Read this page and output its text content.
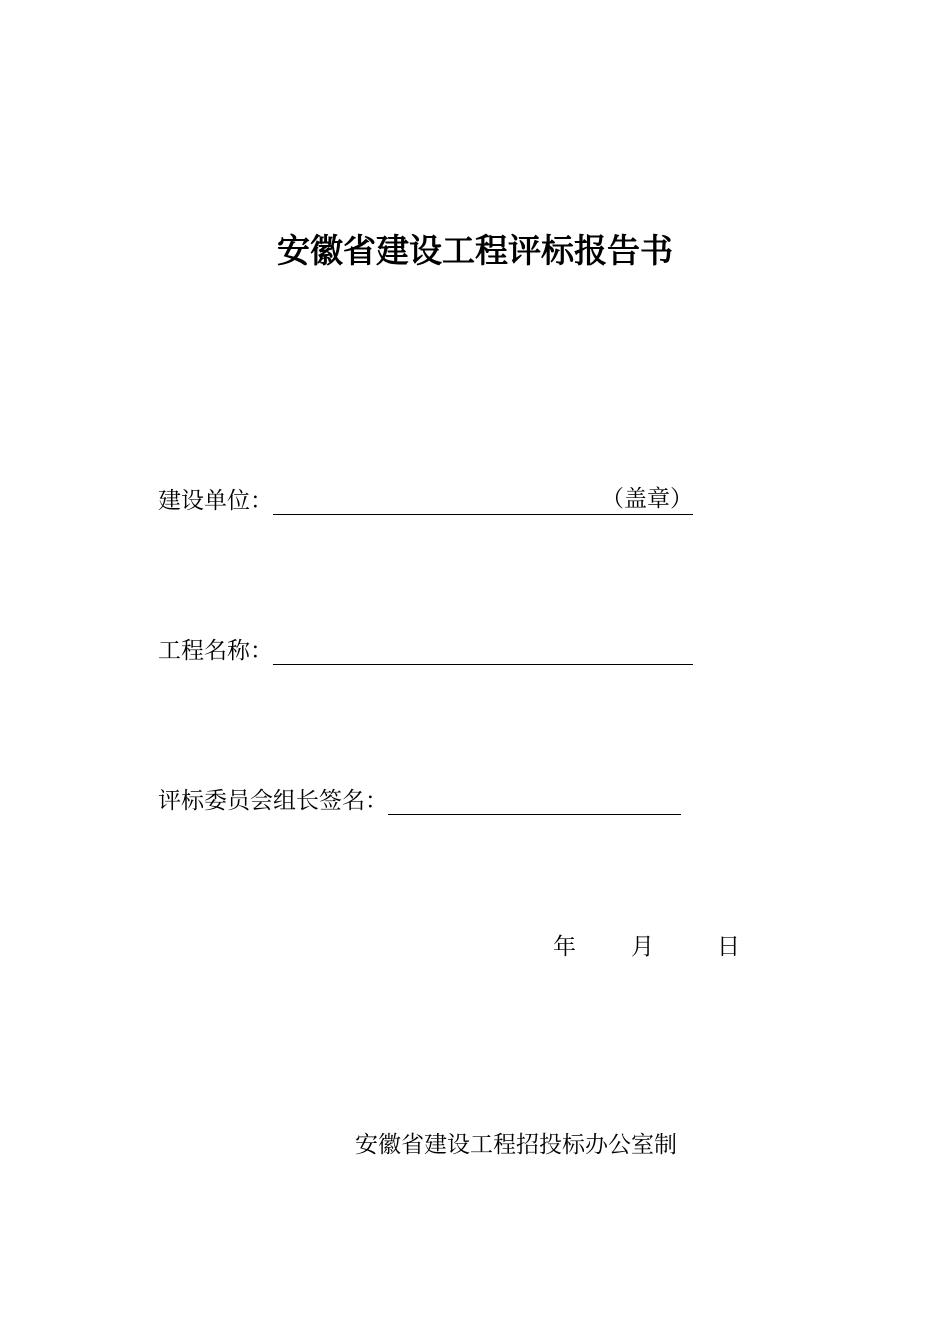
安徽省建设工程评标报告书
建设单位：	（盖章）
工程名称：
评标委员会组长签名：
年	月	日
安徽省建设工程招投标办公室制
